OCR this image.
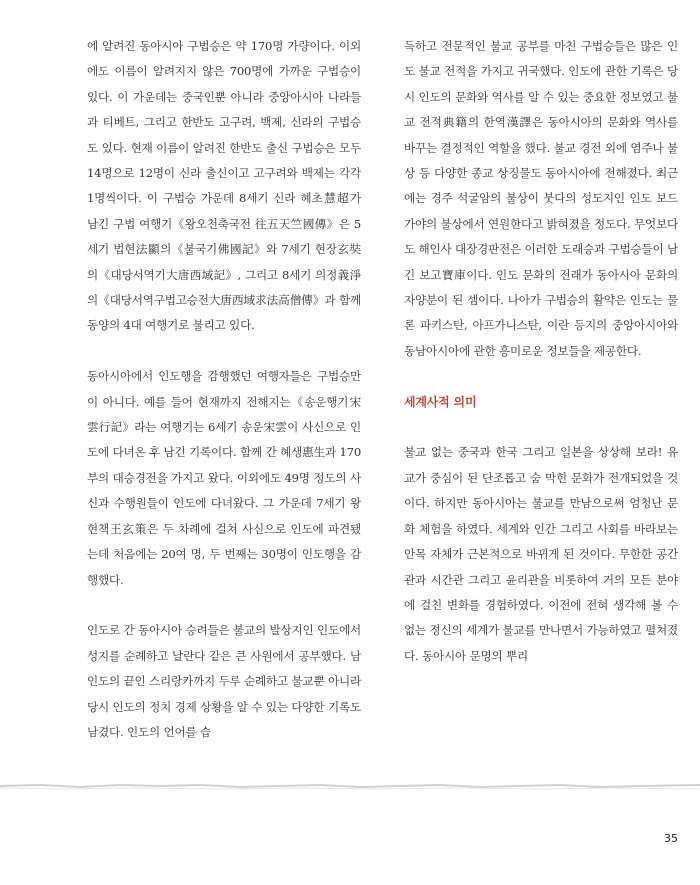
에 알려진 동아시아 구법승은 약 170명 가량이다. 이외에도 이름이 알려지지 않은 700명에 가까운 구법승이 있다. 이 가운데는 중국인뿐 아니라 중앙아시아 나라들과 티베트, 그리고 한반도 고구려, 백제, 신라의 구법승도 있다. 현재 이름이 알려진 한반도 출신 구법승은 모두 14명으로 12명이 신라 출신이고 고구려와 백제는 각각 1명씩이다. 이 구법승 가운데 8세기 신라 혜초慧超가 남긴 구법 여행기《왕오천축국전 往五天竺國傳》은 5세기 법현法顯의《불국기佛國記》와 7세기 현장玄奘의《대당서역기大唐西域記》, 그리고 8세기 의정義淨의《대당서역구법고승전大唐西域求法高僧傳》과 함께 동양의 4대 여행기로 불리고 있다.

동아시아에서 인도행을 감행했던 여행자들은 구법승만이 아니다. 예를 들어 현재까지 전해지는《송운행기宋雲行記》라는 여행기는 6세기 송운宋雲이 사신으로 인도에 다녀온 후 남긴 기록이다. 함께 간 혜생惠生과 170부의 대승경전을 가지고 왔다. 이외에도 49명 정도의 사신과 수행원들이 인도에 다녀왔다. 그 가운데 7세기 왕현책王玄策은 두 차례에 걸쳐 사신으로 인도에 파견됐는데 처음에는 20여 명, 두 번째는 30명이 인도행을 감행했다.

인도로 간 동아시아 승려들은 불교의 발상지인 인도에서 성지를 순례하고 날란다 같은 큰 사원에서 공부했다. 남인도의 끝인 스리랑카까지 두루 순례하고 불교뿐 아니라 당시 인도의 정치 경제 상황을 알 수 있는 다양한 기록도 남겼다. 인도의 언어를 습

득하고 전문적인 불교 공부를 마친 구법승들은 많은 인도 불교 전적을 가지고 귀국했다. 인도에 관한 기록은 당시 인도의 문화와 역사를 알 수 있는 중요한 정보였고 불교 전적典籍의 한역漢譯은 동아시아의 문화와 역사를 바꾸는 결정적인 역할을 했다. 불교 경전 외에 염주나 불상 등 다양한 종교 상징물도 동아시아에 전해졌다. 최근에는 경주 석굴암의 불상이 붓다의 성도지인 인도 보드가야의 불상에서 연원한다고 밝혀졌을 정도다. 무엇보다도 해인사 대장경판전은 이러한 도래승과 구법승들이 남긴 보고寶庫이다. 인도 문화의 전래가 동아시아 문화의 자양분이 된 셈이다. 나아가 구법승의 활약은 인도는 물론 파키스탄, 아프가니스탄, 이란 등지의 중앙아시아와 동남아시아에 관한 흥미로운 정보들을 제공한다.

세계사적 의미

불교 없는 중국과 한국 그리고 일본을 상상해 보라! 유교가 중심이 된 단조롭고 숨 막힌 문화가 전개되었을 것이다. 하지만 동아시아는 불교를 만남으로써 엄청난 문화 체험을 하였다. 세계와 인간 그리고 사회를 바라보는 안목 자체가 근본적으로 바뀌게 된 것이다. 무한한 공간관과 시간관 그리고 윤리관을 비롯하여 거의 모든 분야에 걸친 변화를 경험하였다. 이전에 전혀 생각해 볼 수 없는 정신의 세계가 불교를 만나면서 가능하였고 펼쳐졌다. 동아시아 문명의 뿌리

35
